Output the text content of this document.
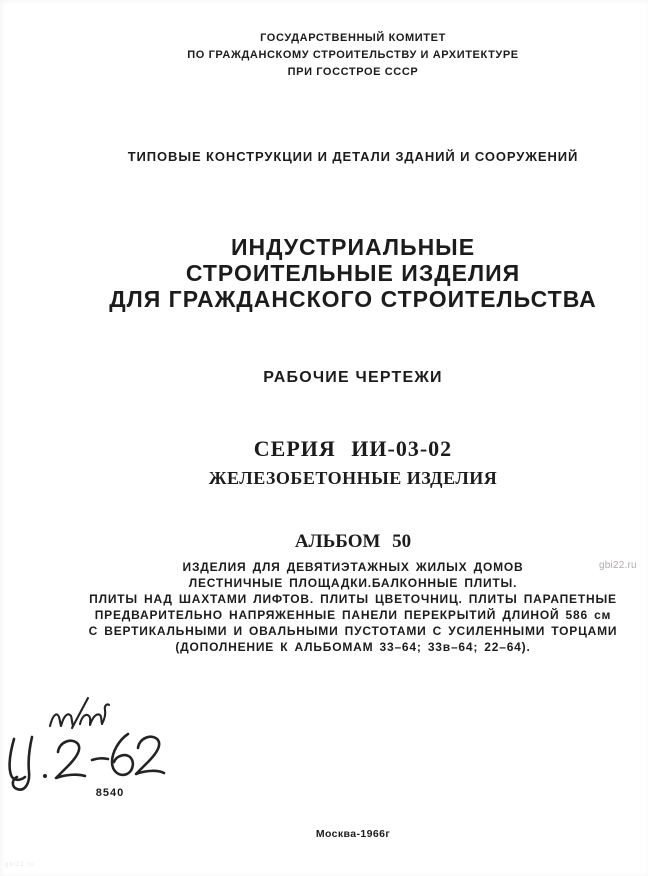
ГОСУДАРСТВЕННЫЙ КОМИТЕТ
ПО ГРАЖДАНСКОМУ СТРОИТЕЛЬСТВУ И АРХИТЕКТУРЕ
ПРИ ГОССТРОЕ СССР
ТИПОВЫЕ КОНСТРУКЦИИ И ДЕТАЛИ ЗДАНИЙ И СООРУЖЕНИЙ
ИНДУСТРИАЛЬНЫЕ
СТРОИТЕЛЬНЫЕ ИЗДЕЛИЯ
ДЛЯ ГРАЖДАНСКОГО СТРОИТЕЛЬСТВА
РАБОЧИЕ ЧЕРТЕЖИ
СЕРИЯ ИИ-03-02
ЖЕЛЕЗОБЕТОННЫЕ ИЗДЕЛИЯ
АЛЬБОМ 50
ИЗДЕЛИЯ ДЛЯ ДЕВЯТИЭТАЖНЫХ ЖИЛЫХ ДОМОВ
ЛЕСТНИЧНЫЕ ПЛОЩАДКИ.БАЛКОННЫЕ ПЛИТЫ.
ПЛИТЫ НАД ШАХТАМИ ЛИФТОВ. ПЛИТЫ ЦВЕТОЧНИЦ. ПЛИТЫ ПАРАПЕТНЫЕ
ПРЕДВАРИТЕЛЬНО НАПРЯЖЕННЫЕ ПАНЕЛИ ПЕРЕКРЫТИЙ ДЛИНОЙ 586 см
С ВЕРТИКАЛЬНЫМИ И ОВАЛЬНЫМИ ПУСТОТАМИ С УСИЛЕННЫМИ ТОРЦАМИ
(ДОПОЛНЕНИЕ К АЛЬБОМАМ 33–64; 33в–64; 22–64).
gbi22.ru
8540
Москва-1966г
gbi22.ru
